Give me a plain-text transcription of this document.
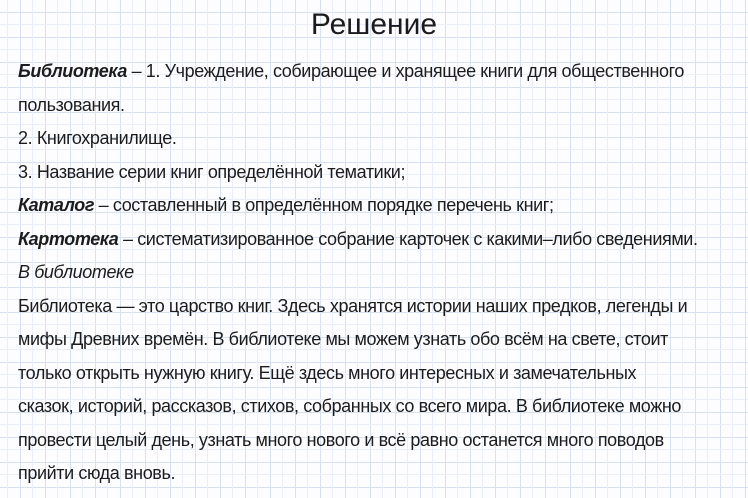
Решение
Библиотека – 1. Учреждение, собирающее и хранящее книги для общественного
пользования.
2. Книгохранилище.
3. Название серии книг определённой тематики;
Каталог – составленный в определённом порядке перечень книг;
Картотека – систематизированное собрание карточек с какими–либо сведениями.
В библиотеке
Библиотека — это царство книг. Здесь хранятся истории наших предков, легенды и
мифы Древних времён. В библиотеке мы можем узнать обо всём на свете, стоит
только открыть нужную книгу. Ещё здесь много интересных и замечательных
сказок, историй, рассказов, стихов, собранных со всего мира. В библиотеке можно
провести целый день, узнать много нового и всё равно останется много поводов
прийти сюда вновь.
